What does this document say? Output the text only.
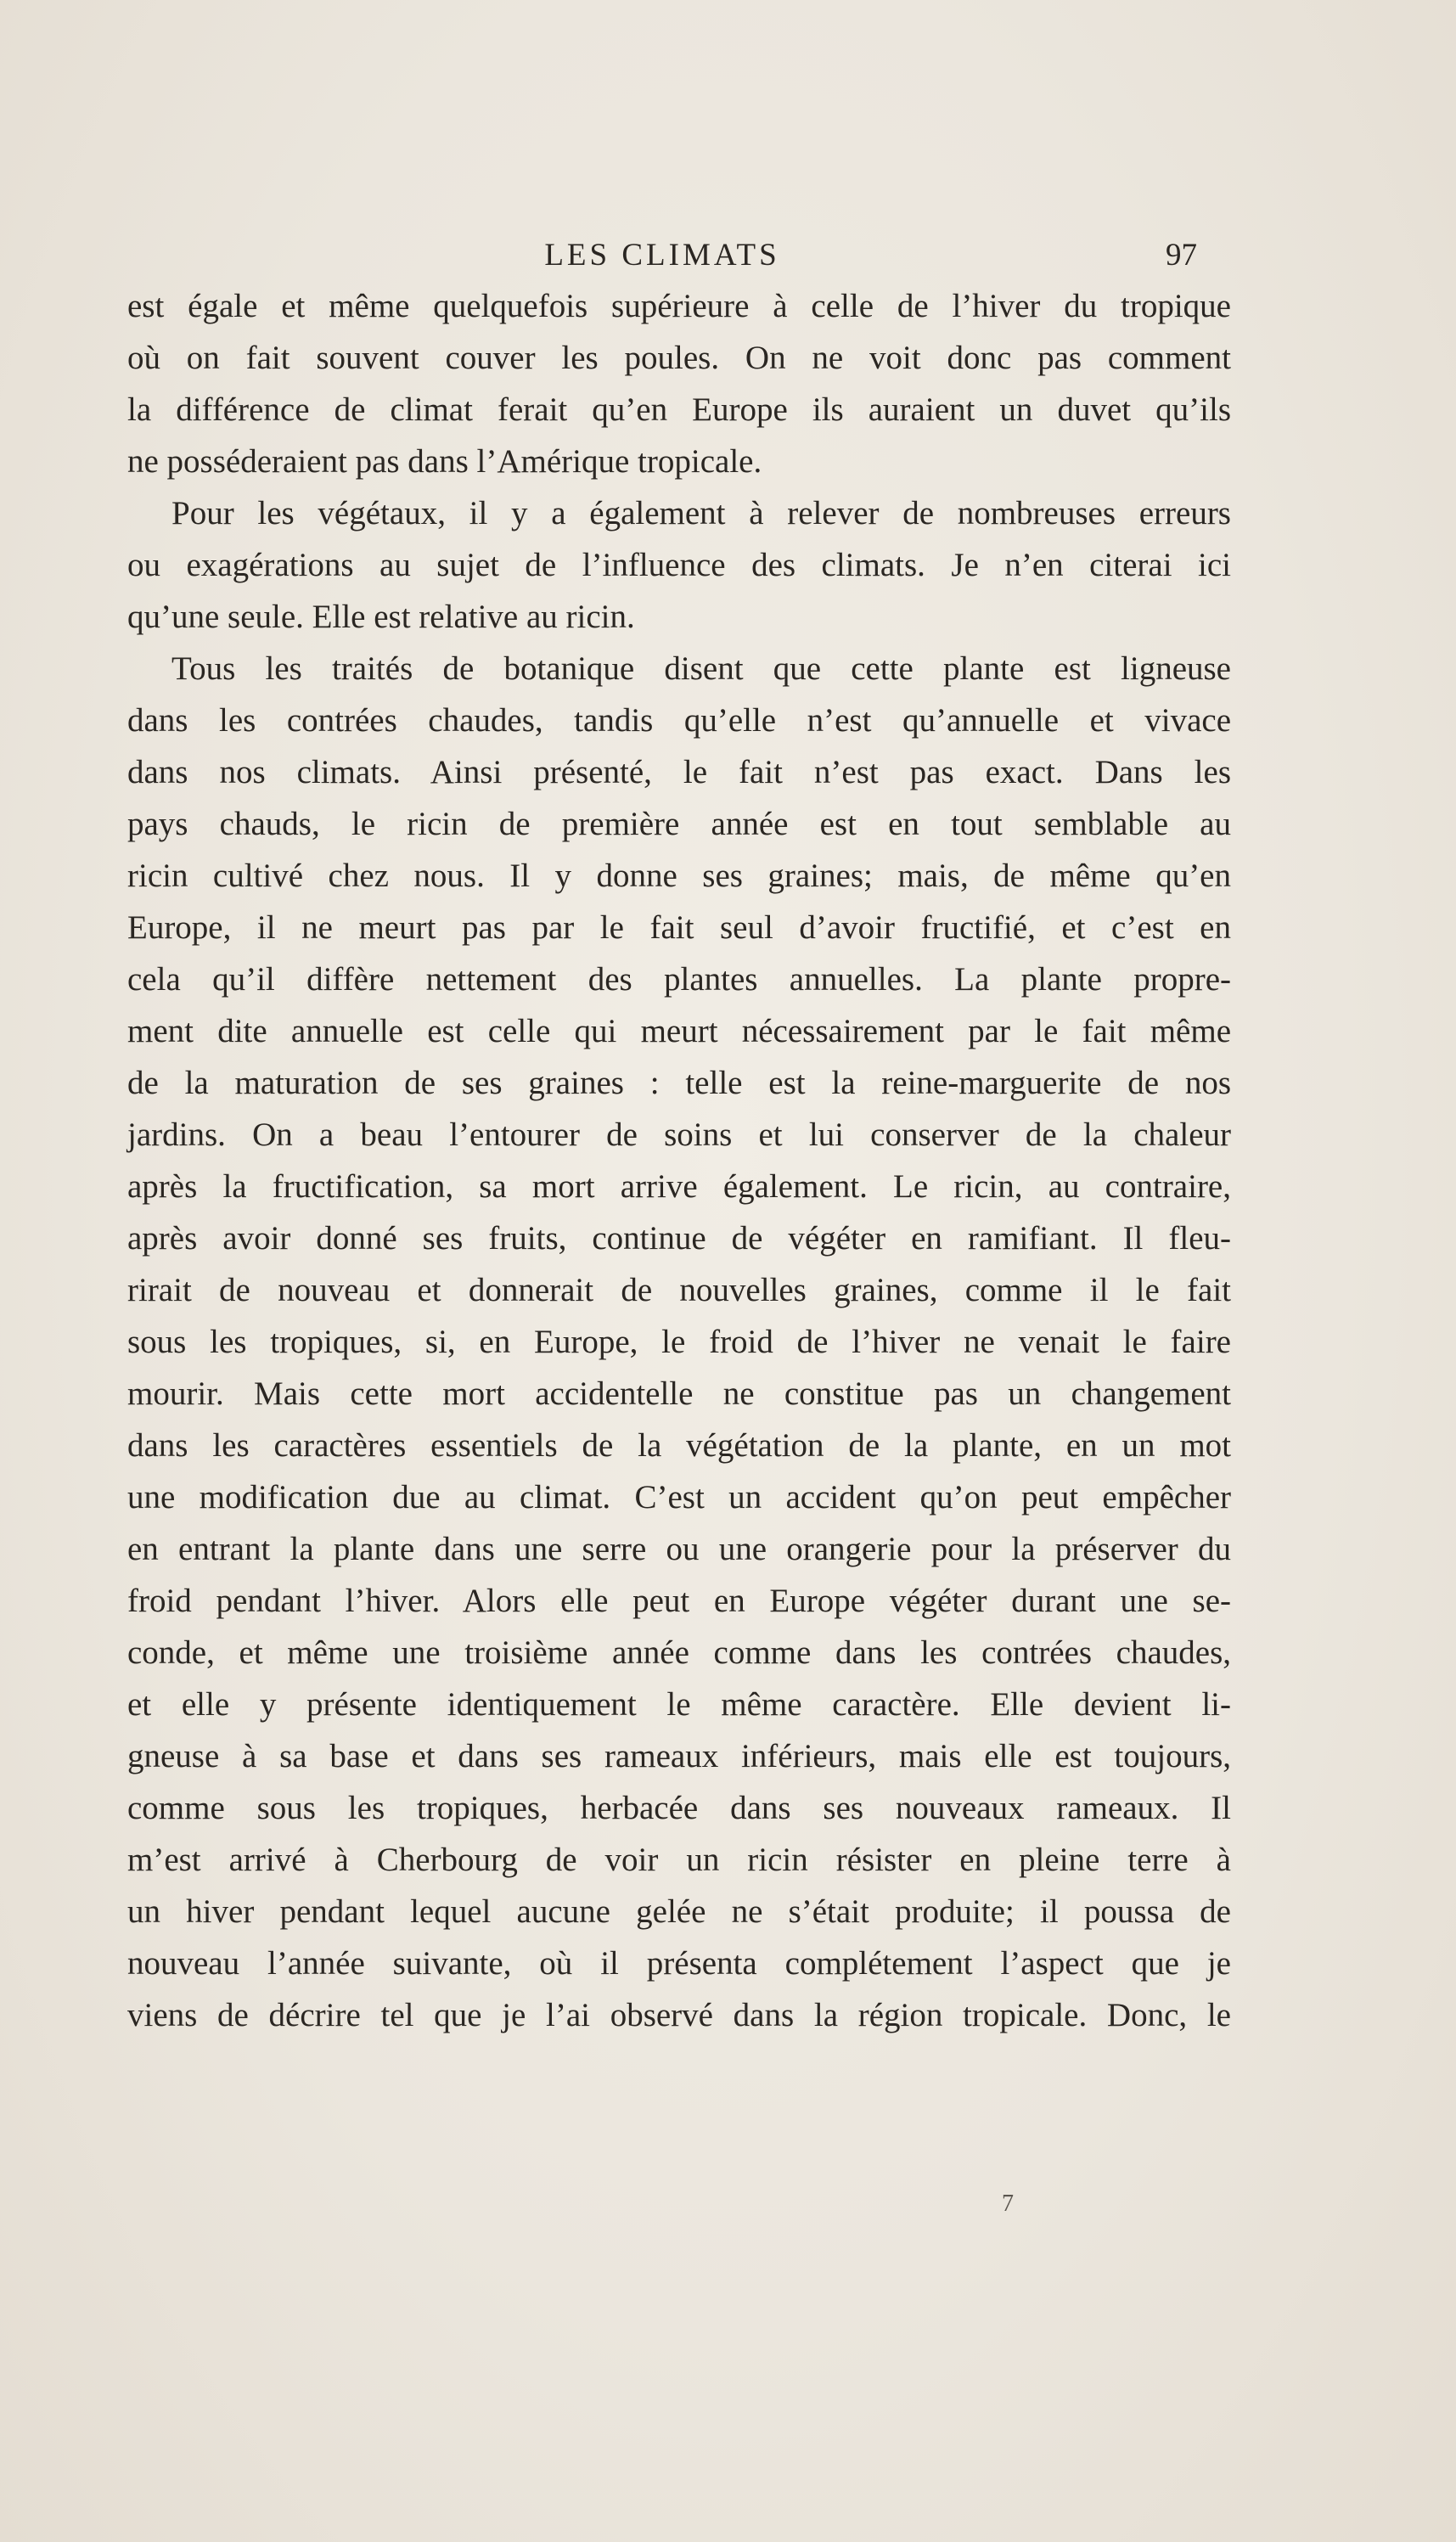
LES CLIMATS	97
est égale et même quelquefois supérieure à celle de l’hiver du tropique
où on fait souvent couver les poules. On ne voit donc pas comment
la différence de climat ferait qu’en Europe ils auraient un duvet qu’ils
ne posséderaient pas dans l’Amérique tropicale.
Pour les végétaux, il y a également à relever de nombreuses erreurs
ou exagérations au sujet de l’influence des climats. Je n’en citerai ici
qu’une seule. Elle est relative au ricin.
Tous les traités de botanique disent que cette plante est ligneuse
dans les contrées chaudes, tandis qu’elle n’est qu’annuelle et vivace
dans nos climats. Ainsi présenté, le fait n’est pas exact. Dans les
pays chauds, le ricin de première année est en tout semblable au
ricin cultivé chez nous. Il y donne ses graines; mais, de même qu’en
Europe, il ne meurt pas par le fait seul d’avoir fructifié, et c’est en
cela qu’il diffère nettement des plantes annuelles. La plante propre-
ment dite annuelle est celle qui meurt nécessairement par le fait même
de la maturation de ses graines : telle est la reine-marguerite de nos
jardins. On a beau l’entourer de soins et lui conserver de la chaleur
après la fructification, sa mort arrive également. Le ricin, au contraire,
après avoir donné ses fruits, continue de végéter en ramifiant. Il fleu-
rirait de nouveau et donnerait de nouvelles graines, comme il le fait
sous les tropiques, si, en Europe, le froid de l’hiver ne venait le faire
mourir. Mais cette mort accidentelle ne constitue pas un changement
dans les caractères essentiels de la végétation de la plante, en un mot
une modification due au climat. C’est un accident qu’on peut empêcher
en entrant la plante dans une serre ou une orangerie pour la préserver du
froid pendant l’hiver. Alors elle peut en Europe végéter durant une se-
conde, et même une troisième année comme dans les contrées chaudes,
et elle y présente identiquement le même caractère. Elle devient li-
gneuse à sa base et dans ses rameaux inférieurs, mais elle est toujours,
comme sous les tropiques, herbacée dans ses nouveaux rameaux. Il
m’est arrivé à Cherbourg de voir un ricin résister en pleine terre à
un hiver pendant lequel aucune gelée ne s’était produite; il poussa de
nouveau l’année suivante, où il présenta complétement l’aspect que je
viens de décrire tel que je l’ai observé dans la région tropicale. Donc, le
7
